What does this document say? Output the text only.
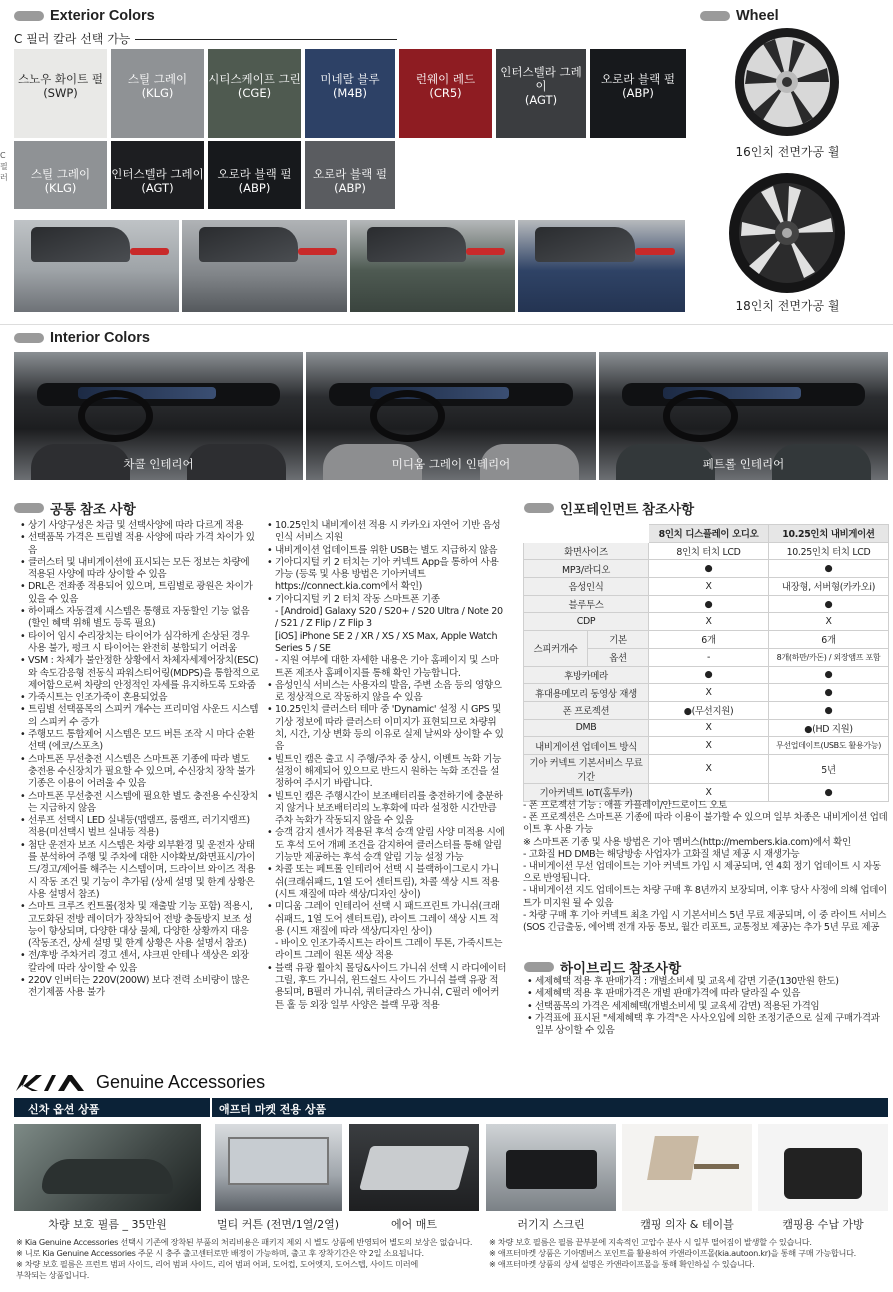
Exterior Colors
C 필러 칼라 선택 가능
C필러
Wheel
16인치 전면가공 휠
18인치 전면가공 휠
Interior Colors
차콜 인테리어	미디움 그레이 인테리어	페트롤 인테리어
공통 참조 사항
• 상기 사양구성은 차급 및 선택사양에 따라 다르게 적용
• 선택품목 가격은 트림별 적용 사양에 따라 가격 차이가 있음
• 클러스터 및 내비게이션에 표시되는 모든 정보는 차량에 적용된 사양에 따라 상이할 수 있음
• DRL은 전좌종 적용되어 있으며, 트림별로 광원은 차이가 있을 수 있음
• 하이패스 자동결제 시스템은 통행료 자동할인 기능 없음 (할인 혜택 위해 별도 등록 필요)
• 타이어 임시 수리장치는 타이어가 심각하게 손상된 경우 사용 불가, 펑크 시 타이어는 완전히 봉합되기 어려움
• VSM : 차체가 불안정한 상황에서 차체자세제어장치(ESC)와 속도감응형 전동식 파워스티어링(MDPS)을 통합적으로 제어함으로써 차량의 안정적인 자세를 유지하도록 도와줌
• 가죽시트는 인조가죽이 혼용되었음
• 트림별 선택품목의 스피커 개수는 프리미엄 사운드 시스템의 스피커 수 증가
• 주행모드 통합제어 시스템은 모드 버튼 조작 시 마다 순환 선택 (에코/스포츠)
• 스마트폰 무선충전 시스템은 스마트폰 기종에 따라 별도 충전용 수신장치가 필요할 수 있으며, 수신장치 장착 불가 기종은 이용이 어려울 수 있음
• 스마트폰 무선충전 시스템에 필요한 별도 충전용 수신장치는 지급하지 않음
• 선루프 선택시 LED 실내등(맵램프, 룸램프, 러기지램프) 적용(미선택시 벌브 실내등 적용)
• 첨단 운전자 보조 시스템은 차량 외부환경 및 운전자 상태를 분석하여 주행 및 주차에 대한 시야확보/화면표시/가이드/경고/제어를 해주는 시스템이며, 드라이브 와이즈 적용 시 작동 조건 및 기능이 추가됨 (상세 설명 및 한계 상황은 사용 설명서 참조)
• 스마트 크루즈 컨트롤(정차 및 재출발 기능 포함) 적용시, 고도화된 전방 레이더가 장착되어 전방 충돌방지 보조 성능이 향상되며, 다양한 대상 물체, 다양한 상황까지 대응 (작동조건, 상세 설명 및 한계 상황은 사용 설명서 참조)
• 전/후방 주차거리 경고 센서, 샤크핀 안테나 색상은 외장 칼라에 따라 상이할 수 있음
• 220V 인버터는 220V(200W) 보다 전력 소비량이 많은 전기제품 사용 불가
• 10.25인치 내비게이션 적용 시 카카오i 자연어 기반 음성 인식 서비스 지원
• 내비게이션 업데이트를 위한 USB는 별도 지급하지 않음
• 기아디지털 키 2 터치는 기아 커넥트 App을 통하여 사용 가능 (등록 및 사용 방법은 기아커넥트 https://connect.kia.com에서 확인)
• 기아디지털 키 2 터치 작동 스마트폰 기종
- [Android] Galaxy S20 / S20+ / S20 Ultra / Note 20 / S21 / Z Flip / Z Flip 3
[iOS] iPhone SE 2 / XR / XS / XS Max, Apple Watch Series 5 / SE
- 지원 여부에 대한 자세한 내용은 기아 홈페이지 및 스마트폰 제조사 홈페이지를 통해 확인 가능합니다.
• 음성인식 서비스는 사용자의 발음, 주변 소음 등의 영향으로 정상적으로 작동하지 않을 수 있음
• 10.25인치 클러스터 테마 중 'Dynamic' 설정 시 GPS 및 기상 정보에 따라 클러스터 이미지가 표현되므로 차량위치, 시간, 기상 변화 등의 이유로 실제 날씨와 상이할 수 있음
• 빌트인 캠은 출고 시 주행/주차 중 상시, 이벤트 녹화 기능 설정이 해제되어 있으므로 반드시 원하는 녹화 조건을 설정하여 주시기 바랍니다.
• 빌트인 캠은 주행시간이 보조배터리를 충전하기에 충분하지 않거나 보조배터리의 노후화에 따라 설정한 시간만큼 주차 녹화가 작동되지 않을 수 있음
• 승객 감지 센서가 적용된 후석 승객 알림 사양 미적용 시에도 후석 도어 개폐 조건을 감지하여 클러스터를 통해 알림 기능만 제공하는 후석 승객 알림 기능 설정 가능
• 차콜 또는 페트롤 인테리어 선택 시 블랙하이그로시 가니쉬(크래쉬패드, 1열 도어 센터트림), 차콜 색상 시트 적용 (시트 재질에 따라 색상/디자인 상이)
• 미디움 그레이 인테리어 선택 시 패드프린트 가니쉬(크래쉬패드, 1열 도어 센터트림), 라이트 그레이 색상 시트 적용 (시트 재질에 따라 색상/디자인 상이)
- 바이오 인조가죽시트는 라이트 그레이 투톤, 가죽시트는 라이트 그레이 원톤 색상 적용
• 블랙 유광 휠아치 몰딩&사이드 가니쉬 선택 시 라디에이터 그릴, 후드 가니쉬, 윈드쉴드 사이드 가니쉬 블랙 유광 적용되며, B필러 가니쉬, 쿼터글라스 가니쉬, C필러 에어커튼 홀 등 외장 일부 사양은 블랙 무광 적용
인포테인먼트 참조사항
		8인치 디스플레이 오디오	10.25인치 내비게이션
화면사이즈		8인치 터치 LCD	10.25인치 터치 LCD
MP3/라디오		●	●
음성인식		X	내장형, 서버형(카카오i)
블루투스		●	●
CDP		X	X
스피커개수	기본	6개	6개
	옵션	-	8개(하만/카돈) / 외장앰프 포함
후방카메라		●	●
휴대용메모리 동영상 재생		X	●
폰 프로젝션		●(무선지원)	●
DMB		X	●(HD 지원)
내비게이션 업데이트 방식		X	무선업데이트(USB도 활용가능)
기아 커넥트 기본서비스 무료기간		X	5년
기아커넥트 IoT(홈투카)		X	●
- 폰 프로젝션 기능 : 애플 카플레이/안드로이드 오토
- 폰 프로젝션은 스마트폰 기종에 따라 이용이 불가할 수 있으며 일부 차종은 내비게이션 업데이트 후 사용 가능
※ 스마트폰 기종 및 사용 방법은 기아 멤버스(http://members.kia.com)에서 확인
- 고화질 HD DMB는 해당방송 사업자가 고화질 채널 제공 시 재생가능
- 내비게이션 무선 업데이트는 기아 커넥트 가입 시 제공되며, 연 4회 정기 업데이트 시 자동으로 반영됩니다.
- 내비게이션 지도 업데이트는 차량 구매 후 8년까지 보장되며, 이후 당사 사정에 의해 업데이트가 미지원 될 수 있음
- 차량 구매 후 기아 커넥트 최초 가입 시 기본서비스 5년 무료 제공되며, 이 중 라이트 서비스(SOS 긴급출동, 에어백 전개 자동 통보, 월간 리포트, 교통정보 제공)는 추가 5년 무료 제공
하이브리드 참조사항
• 세제혜택 적용 후 판매가격 : 개별소비세 및 교육세 감면 기준(130만원 한도)
• 세제혜택 적용 후 판매가격은 개별 판매가격에 따라 달라질 수 있음
• 선택품목의 가격은 세제혜택(개별소비세 및 교육세 감면) 적용된 가격임
• 가격표에 표시된 "세제혜택 후 가격"은 사사오입에 의한 조정기준으로 실제 구매가격과 일부 상이할 수 있음
Genuine Accessories
신차 옵션 상품	애프터 마켓 전용 상품
차량 보호 필름 _ 35만원	멀티 커튼 (전면/1열/2열)	에어 매트	러기지 스크린	캠핑 의자 & 테이블	캠핑용 수납 가방
※ Kia Genuine Accessories 선택시 기존에 장착된 부품의 처리비용은 패키지 제외 시 별도 상품에 반영되어 별도의 보상은 없습니다.
※ 니로 Kia Genuine Accessories 주문 시 충주 출고센터로만 배정이 가능하며, 출고 후 장착기간은 약 2일 소요됩니다.
※ 차량 보호 필름은 프런트 범퍼 사이드, 리어 범퍼 사이드, 리어 범퍼 어퍼, 도어컵, 도어엣지, 도어스텝, 사이드 미러에
부착되는 상품입니다.
※ 차량 보호 필름은 필름 끝부분에 지속적인 고압수 분사 시 일부 떨어짐이 발생할 수 있습니다.
※ 애프터마켓 상품은 기아멤버스 포인트를 활용하여 카앤라이프몰(kia.autoon.kr)을 통해 구매 가능합니다.
※ 애프터마켓 상품의 상세 설명은 카앤라이프몰을 통해 확인하실 수 있습니다.
스노우 화이트 펄
(SWP)
스틸 그레이
(KLG)
시티스케이프 그린
(CGE)
미네랄 블루
(M4B)
런웨이 레드
(CR5)
인터스텔라 그레이
(AGT)
오로라 블랙 펄
(ABP)
스틸 그레이
(KLG)
인터스텔라 그레이
(AGT)
오로라 블랙 펄
(ABP)
오로라 블랙 펄
(ABP)
